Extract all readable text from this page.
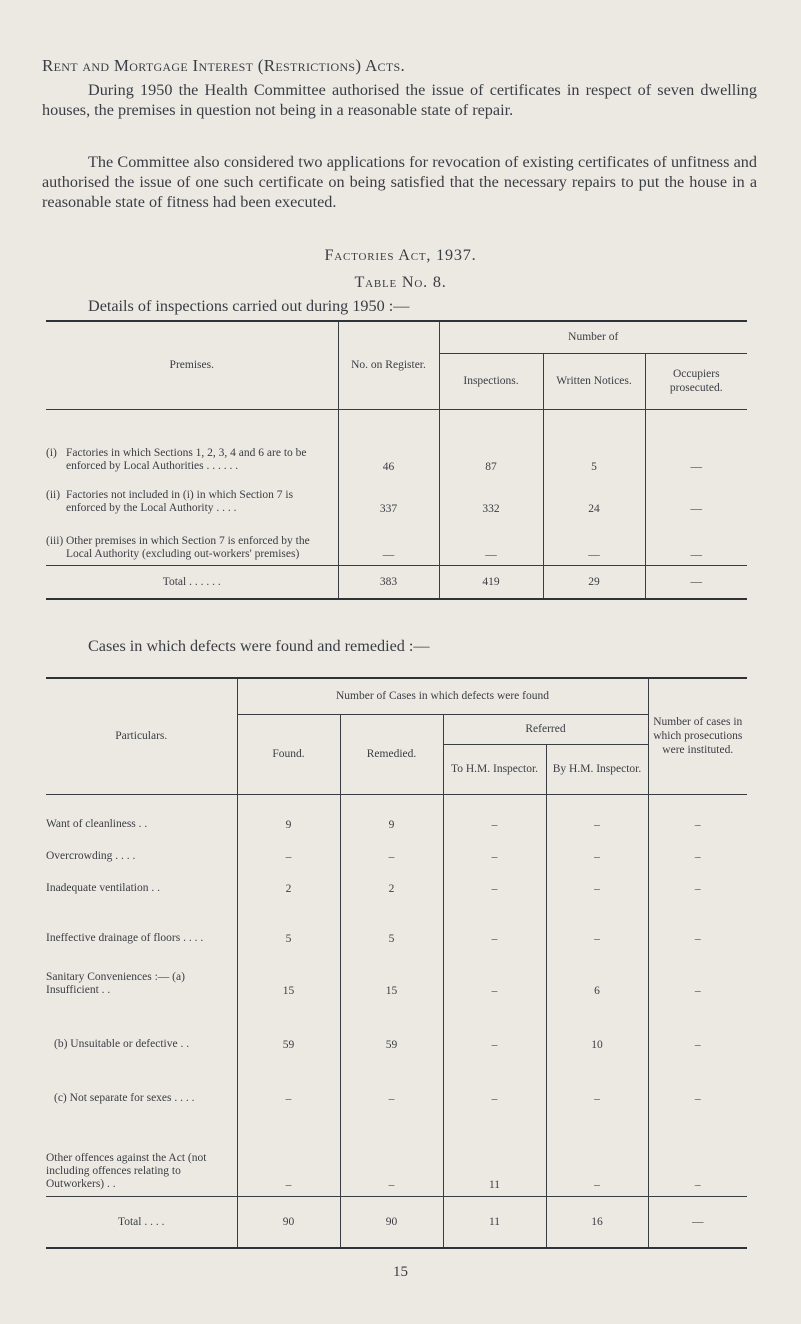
Rent and Mortgage Interest (Restrictions) Acts.
During 1950 the Health Committee authorised the issue of certificates in respect of seven dwelling houses, the premises in question not being in a reasonable state of repair.
The Committee also considered two applications for revocation of existing certificates of unfitness and authorised the issue of one such certificate on being satisfied that the necessary repairs to put the house in a reasonable state of fitness had been executed.
Factories Act, 1937.
Table No. 8.
Details of inspections carried out during 1950 :—
Premises.	No. on Register.	Number of		
		Inspections.	Written Notices.	Occupiers prosecuted.

(i) Factories in which Sections 1, 2, 3, 4 and 6 are to be enforced by Local Authorities . . . . . .	46	87	5	—

(ii) Factories not included in (i) in which Section 7 is enforced by the Local Authority . . . .	337	332	24	—

(iii) Other premises in which Section 7 is enforced by the Local Authority (excluding out-workers' premises)	—	—	—	—
Total . . . . . .	383	419	29	—
Cases in which defects were found and remedied :—
Particulars.	Number of Cases in which defects were found				Number of cases in which prosecutions were instituted.
	Found.	Remedied.	Referred		
			To H.M. Inspector.	By H.M. Inspector.	
Want of cleanliness . .	9	9	–	–	–
Overcrowding . . . .	–	–	–	–	–
Inadequate ventilation . .	2	2	–	–	–

Ineffective drainage of floors . . . .	5	5	–	–	–
Sanitary Conveniences :— (a) Insufficient . .	15	15	–	6	–
(b) Unsuitable or defective . .	59	59	–	10	–
(c) Not separate for sexes . . . .	–	–	–	–	–
Other offences against the Act (not including offences relating to Outworkers) . .	–	–	11	–	–
Total . . . .	90	90	11	16	—
15
